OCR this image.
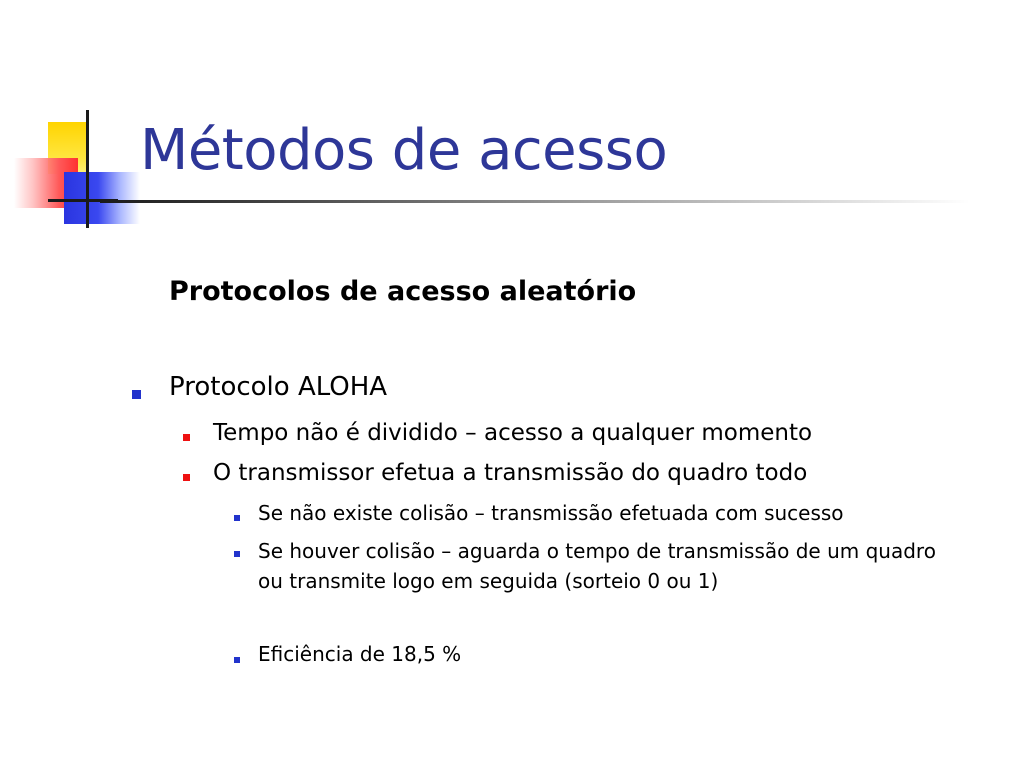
Métodos de acesso
Protocolos de acesso aleatório
Protocolo ALOHA
Tempo não é dividido – acesso a qualquer momento
O transmissor efetua a transmissão do quadro todo
Se não existe colisão – transmissão efetuada com sucesso
Se houver colisão – aguarda o tempo de transmissão de um quadro ou transmite logo em seguida (sorteio 0 ou 1)
Eficiência de 18,5 %
